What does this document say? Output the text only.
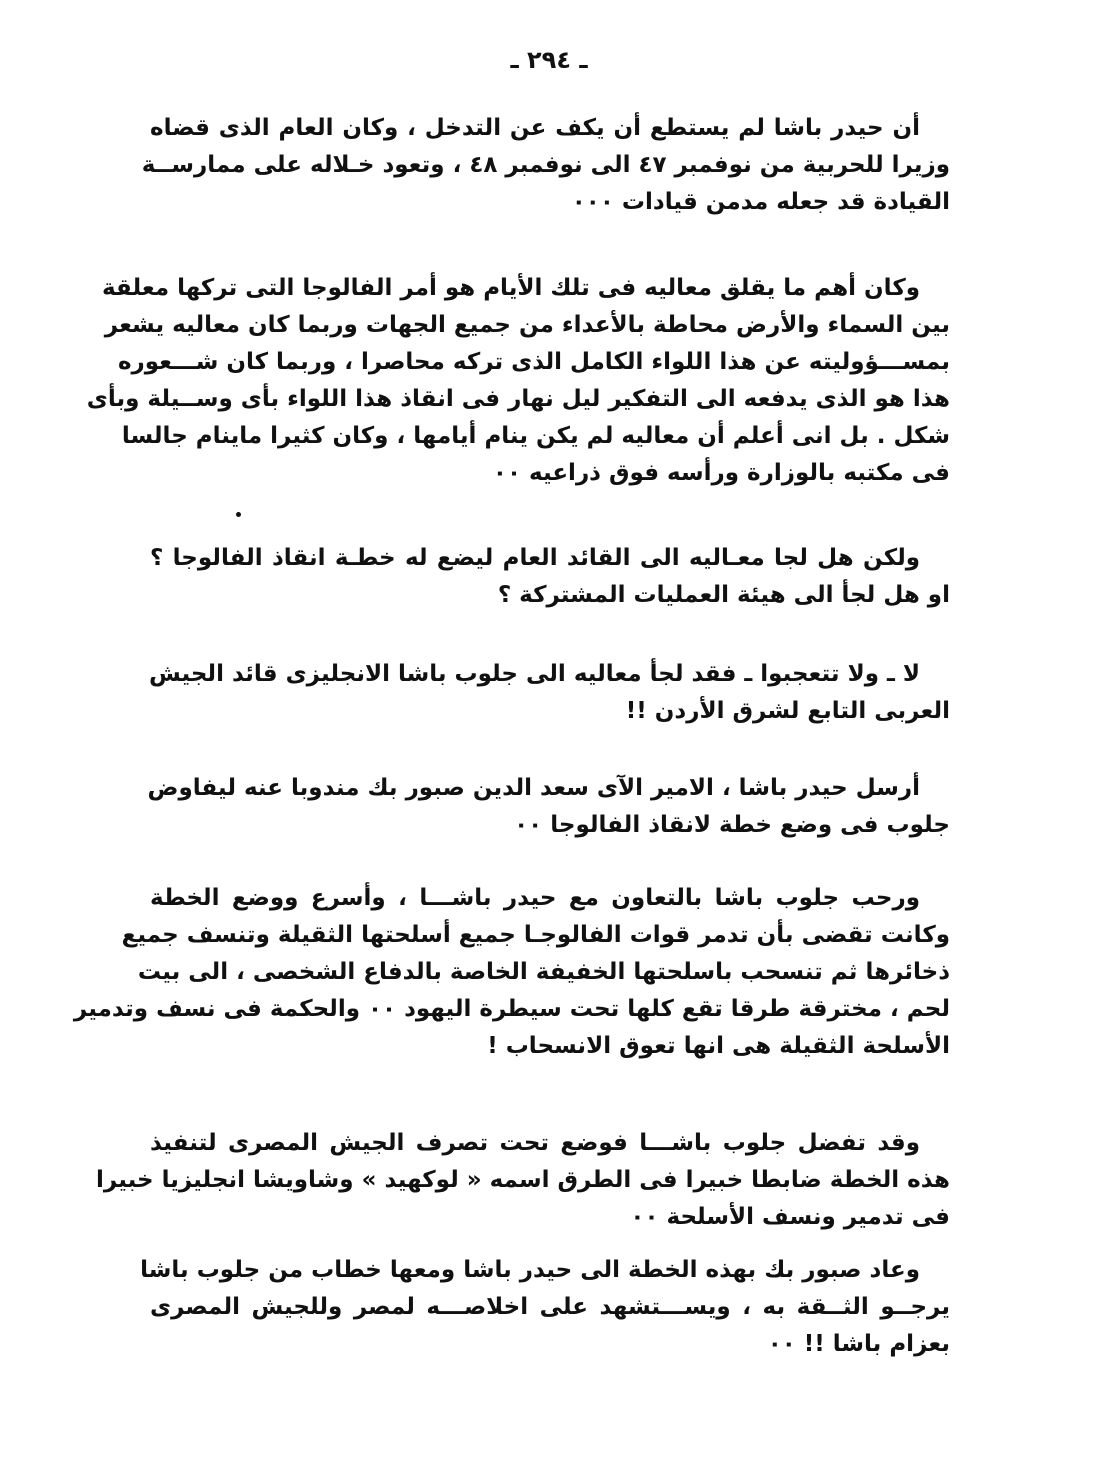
ـ ٢٩٤ ـ

أن حيدر باشا لم يستطع أن يكف عن التدخل ، وكان العام الذى قضاه
وزيرا للحربية من نوفمبر ٤٧ الى نوفمبر ٤٨ ، وتعود خـلاله على ممارســة
القيادة قد جعله مدمن قيادات ٠٠٠

وكان أهم ما يقلق معاليه فى تلك الأيام هو أمر الفالوجا التى تركها معلقة
بين السماء والأرض محاطة بالأعداء من جميع الجهات وربما كان معاليه يشعر
بمســـؤوليته عن هذا اللواء الكامل الذى تركه محاصرا ، وربما كان شـــعوره
هذا هو الذى يدفعه الى التفكير ليل نهار فى انقاذ هذا اللواء بأى وســيلة وبأى
شكل . بل انى أعلم أن معاليه لم يكن ينام أيامها ، وكان كثيرا ماينام جالسا
فى مكتبه بالوزارة ورأسه فوق ذراعيه ٠٠

ولكن هل لجا معـاليه الى القائد العام ليضع له خطـة انقاذ الفالوجا ؟
او هل لجأ الى هيئة العمليات المشتركة ؟

لا ـ ولا تتعجبوا ـ فقد لجأ معاليه الى جلوب باشا الانجليزى قائد الجيش
العربى التابع لشرق الأردن !!

أرسل حيدر باشا ، الامير الآى سعد الدين صبور بك مندوبا عنه ليفاوض
جلوب فى وضع خطة لانقاذ الفالوجا ٠٠

ورحب جلوب باشا بالتعاون مع حيدر باشـــا ، وأسرع ووضع الخطة
وكانت تقضى بأن تدمر قوات الفالوجـا جميع أسلحتها الثقيلة وتنسف جميع
ذخائرها ثم تنسحب باسلحتها الخفيفة الخاصة بالدفاع الشخصى ، الى بيت
لحم ، مخترقة طرقا تقع كلها تحت سيطرة اليهود ٠٠ والحكمة فى نسف وتدمير
الأسلحة الثقيلة هى انها تعوق الانسحاب !

وقد تفضل جلوب باشـــا فوضع تحت تصرف الجيش المصرى لتنفيذ
هذه الخطة ضابطا خبيرا فى الطرق اسمه « لوكهيد » وشاويشا انجليزيا خبيرا
فى تدمير ونسف الأسلحة ٠٠

وعاد صبور بك بهذه الخطة الى حيدر باشا ومعها خطاب من جلوب باشا
يرجــو الثــقة به ، ويســـتشهد على اخلاصـــه لمصر وللجيش المصرى
بعزام باشا !! ٠٠
